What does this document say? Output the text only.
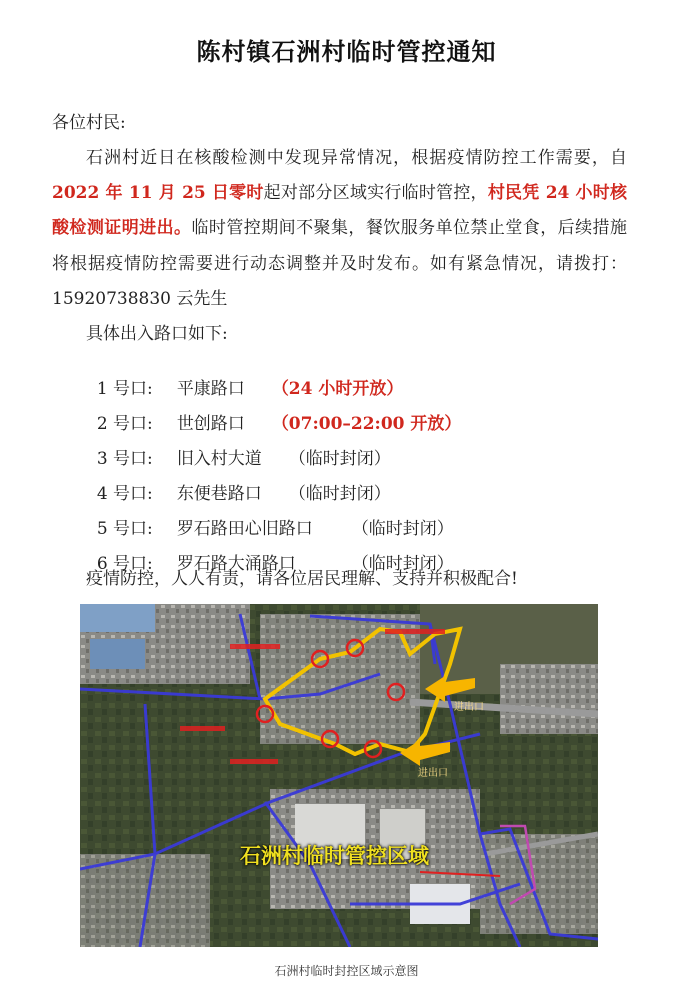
陈村镇石洲村临时管控通知
各位村民:
石洲村近日在核酸检测中发现异常情况，根据疫情防控工作需要，自2022 年 11 月 25 日零时起对部分区域实行临时管控，村民凭 24 小时核酸检测证明进出。临时管控期间不聚集，餐饮服务单位禁止堂食，后续措施将根据疫情防控需要进行动态调整并及时发布。如有紧急情况，请拨打：15920738830 云先生
具体出入路口如下:

1 号口: 平康路口 （24 小时开放）

2 号口: 世创路口 （07:00–22:00 开放）

3 号口: 旧入村大道 （临时封闭）

4 号口: 东便巷路口 （临时封闭）

5 号口: 罗石路田心旧路口 （临时封闭）

6 号口: 罗石路大涌路口	（临时封闭）

疫情防控，人人有责，请各位居民理解、支持并积极配合!
进出口
进出口
石洲村临时管控区域
石洲村临时封控区域示意图
